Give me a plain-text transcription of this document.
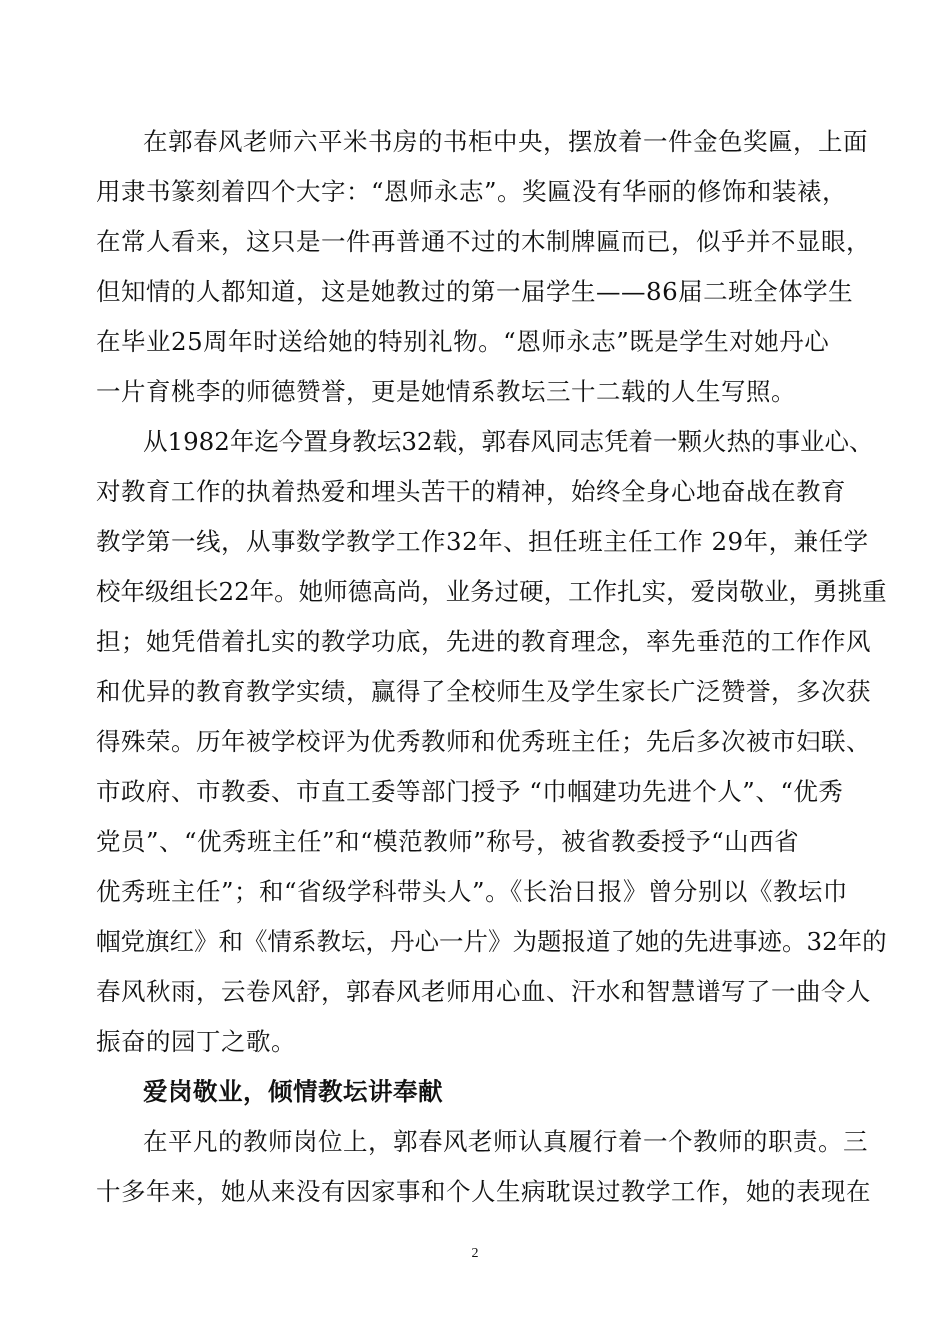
在郭春风老师六平米书房的书柜中央，摆放着一件金色奖匾，上面
用隶书篆刻着四个大字：“恩师永志”。奖匾没有华丽的修饰和装裱，
在常人看来，这只是一件再普通不过的木制牌匾而已，似乎并不显眼，
但知情的人都知道，这是她教过的第一届学生——86届二班全体学生
在毕业25周年时送给她的特别礼物。“恩师永志”既是学生对她丹心
一片育桃李的师德赞誉，更是她情系教坛三十二载的人生写照。
从1982年迄今置身教坛32载，郭春风同志凭着一颗火热的事业心、
对教育工作的执着热爱和埋头苦干的精神，始终全身心地奋战在教育
教学第一线，从事数学教学工作32年、担任班主任工作 29年，兼任学
校年级组长22年。她师德高尚，业务过硬，工作扎实，爱岗敬业，勇挑重
担；她凭借着扎实的教学功底，先进的教育理念，率先垂范的工作作风
和优异的教育教学实绩，赢得了全校师生及学生家长广泛赞誉，多次获
得殊荣。历年被学校评为优秀教师和优秀班主任；先后多次被市妇联、
市政府、市教委、市直工委等部门授予 “巾帼建功先进个人”、“优秀
党员”、“优秀班主任”和“模范教师”称号，被省教委授予“山西省
优秀班主任”；和“省级学科带头人”。《长治日报》曾分别以《教坛巾
帼党旗红》和《情系教坛，丹心一片》为题报道了她的先进事迹。32年的
春风秋雨，云卷风舒，郭春风老师用心血、汗水和智慧谱写了一曲令人
振奋的园丁之歌。
爱岗敬业，倾情教坛讲奉献
在平凡的教师岗位上，郭春风老师认真履行着一个教师的职责。三
十多年来，她从来没有因家事和个人生病耽误过教学工作，她的表现在
2
